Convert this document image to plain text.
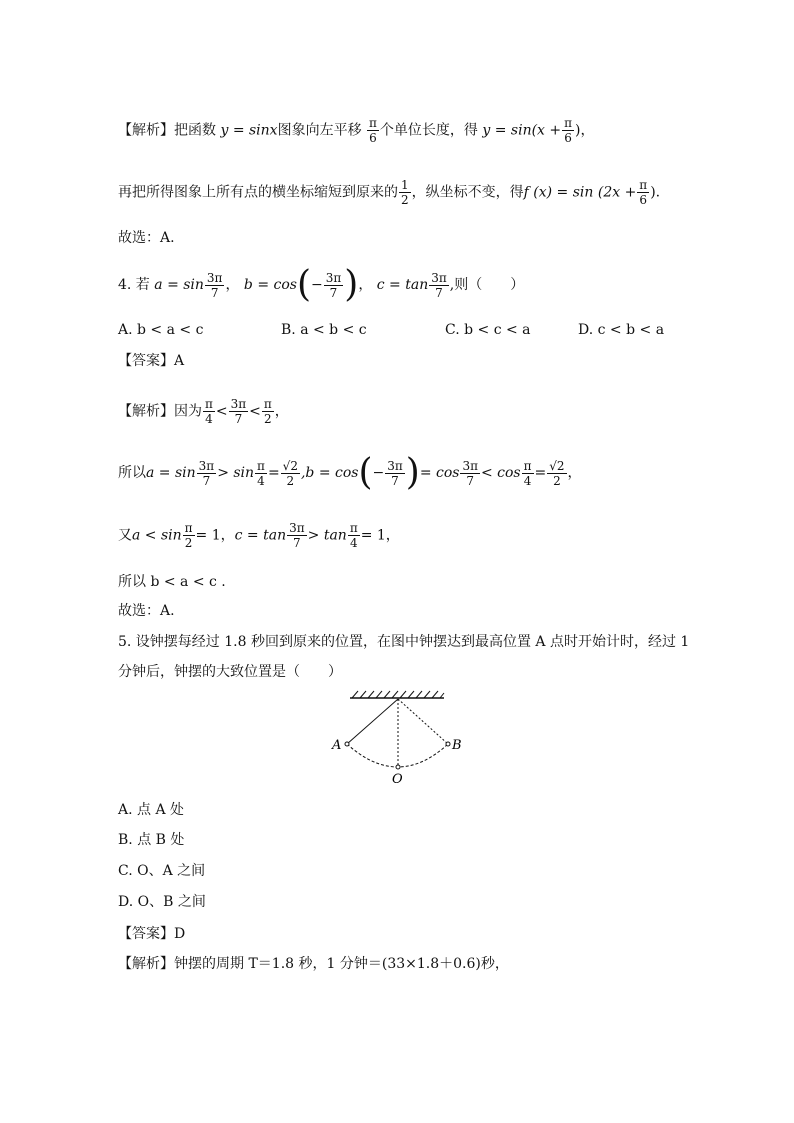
【解析】把函数 y = sinx图象向左平移 $\frac{\pi}{6}$ 个单位长度，得 $y = \sin(x + \frac{\pi}{6}$ )，
再把所得图象上所有点的横坐标缩短到原来的 $\frac{1}{2}$ ，纵坐标不变，得f $(x) = \sin (2x + \frac{\pi}{6}$ ).
故选：A.
4. 若 $a = \sin \frac{3\pi}{7}$ ， $b = \cos(- \frac{3\pi}{7}$ )， $c = \tan \frac{3\pi}{7}$ ,则（　　）
A. b < a < c	B. a < b < c	C. b < c < a	D. c < b < a
【答案】A
【解析】因为 $\frac{\pi}{4} < \frac{3\pi}{7} < \frac{\pi}{2}$ ，
所以$a = \sin \frac{3\pi}{7} > \sin \frac{\pi}{4} = \frac{√2}{2} ,b = \cos(- \frac{3\pi}{7}$ )= $\cos \frac{3\pi}{7} < \cos \frac{\pi}{4} = \frac{√2}{2}$ ，
又$a < \sin \frac{\pi}{2} = 1$，$c = \tan \frac{3\pi}{7} > \tan \frac{\pi}{4} = 1$，
所以 b < a < c .
故选：A.
5. 设钟摆每经过 1.8 秒回到原来的位置，在图中钟摆达到最高位置 A 点时开始计时，经过 1
分钟后，钟摆的大致位置是（　　）
A	B
O
A. 点 A 处
B. 点 B 处
C. O、A 之间
D. O、B 之间
【答案】D
【解析】钟摆的周期 T＝1.8 秒，1 分钟＝(33×1.8＋0.6)秒，
